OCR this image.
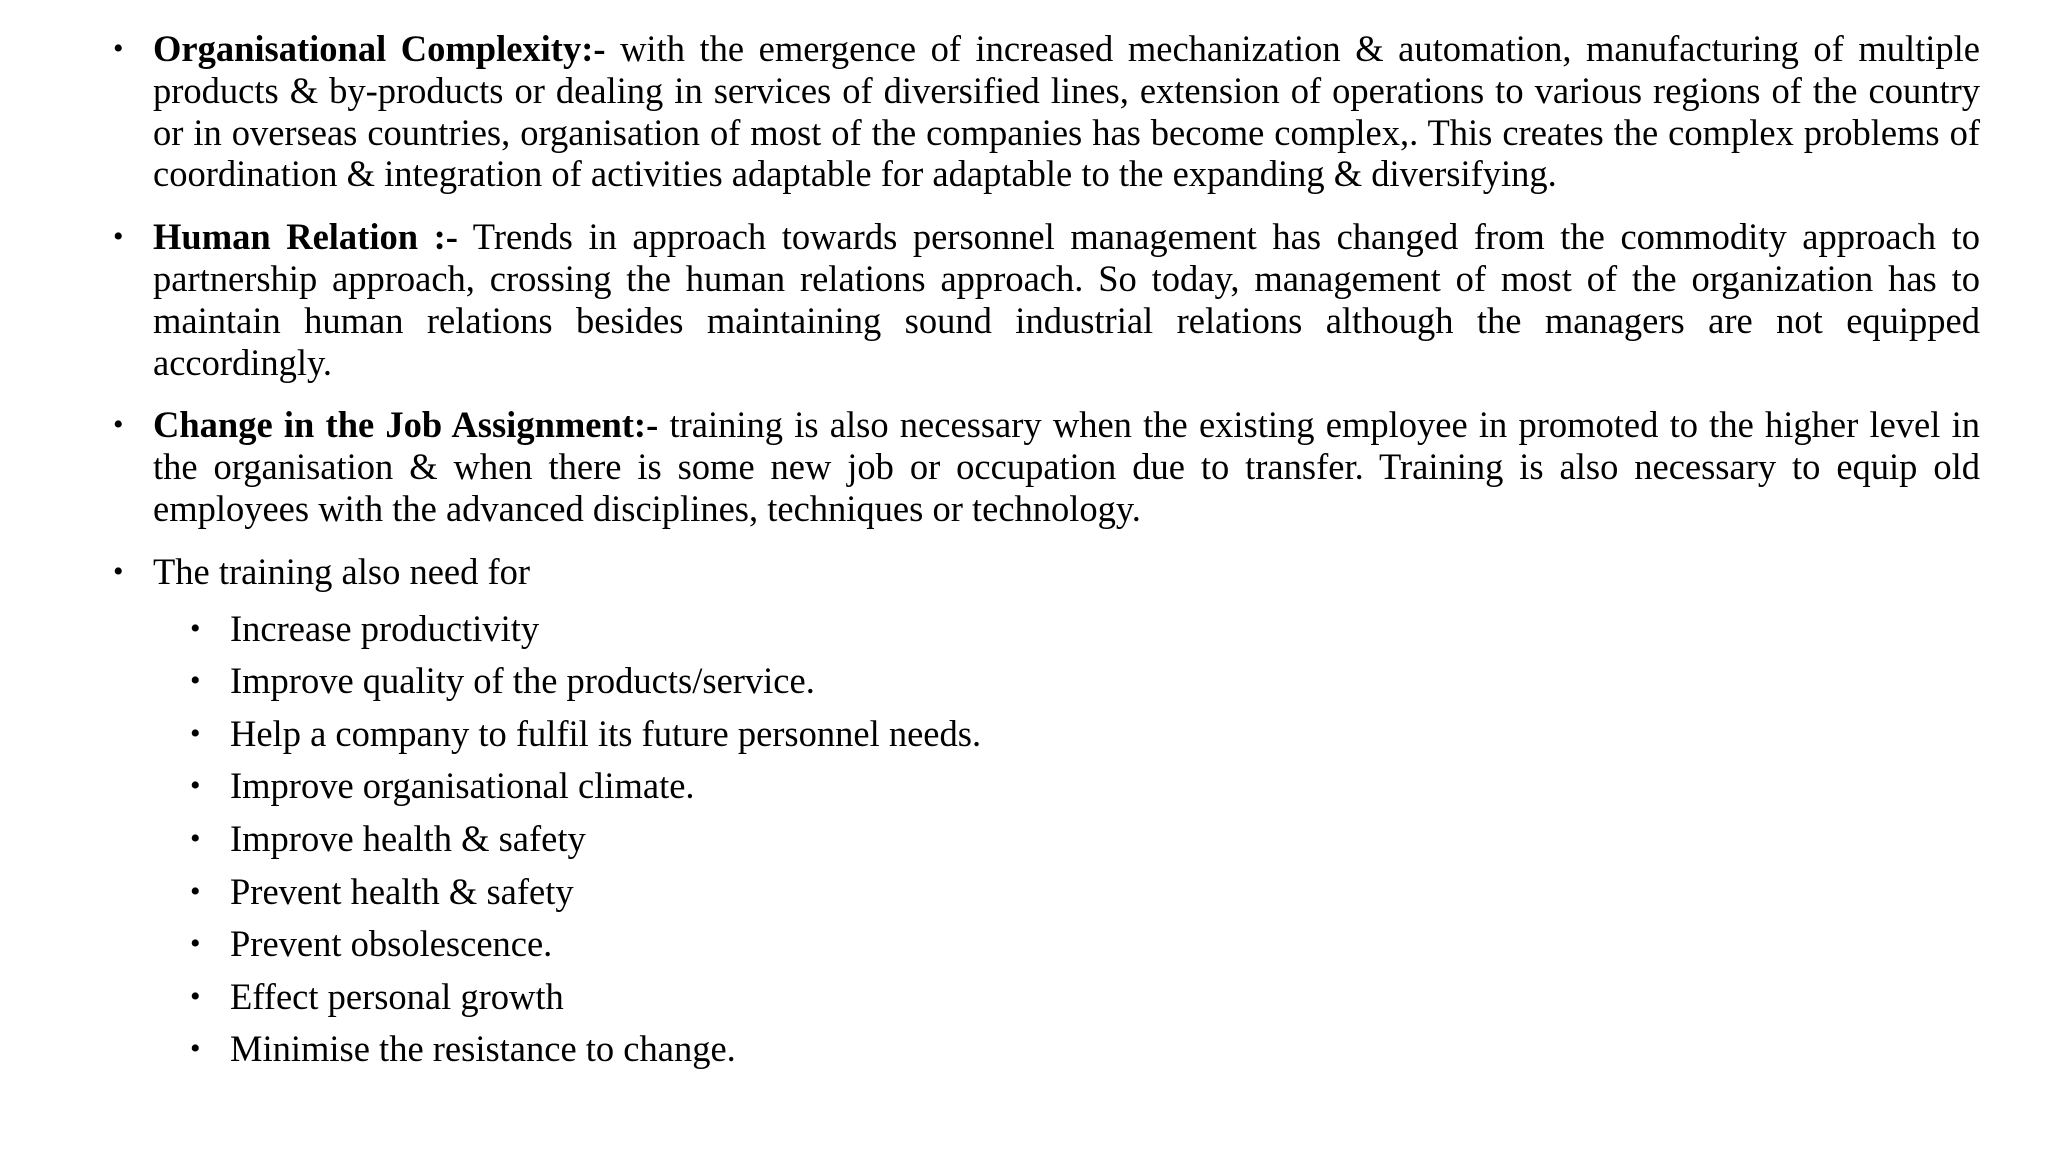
• Organisational Complexity:- with the emergence of increased mechanization & automation, manufacturing of multiple products & by-products or dealing in services of diversified lines, extension of operations to various regions of the country or in overseas countries, organisation of most of the companies has become complex,. This creates the complex problems of coordination & integration of activities adaptable for adaptable to the expanding & diversifying.
• Human Relation :- Trends in approach towards personnel management has changed from the commodity approach to partnership approach, crossing the human relations approach. So today, management of most of the organization has to maintain human relations besides maintaining sound industrial relations although the managers are not equipped accordingly.
• Change in the Job Assignment:- training is also necessary when the existing employee in promoted to the higher level in the organisation & when there is some new job or occupation due to transfer. Training is also necessary to equip old employees with the advanced disciplines, techniques or technology.
• The training also need for
• Increase productivity
• Improve quality of the products/service.
• Help a company to fulfil its future personnel needs.
• Improve organisational climate.
• Improve health & safety
• Prevent health & safety
• Prevent obsolescence.
• Effect personal growth
• Minimise the resistance to change.
